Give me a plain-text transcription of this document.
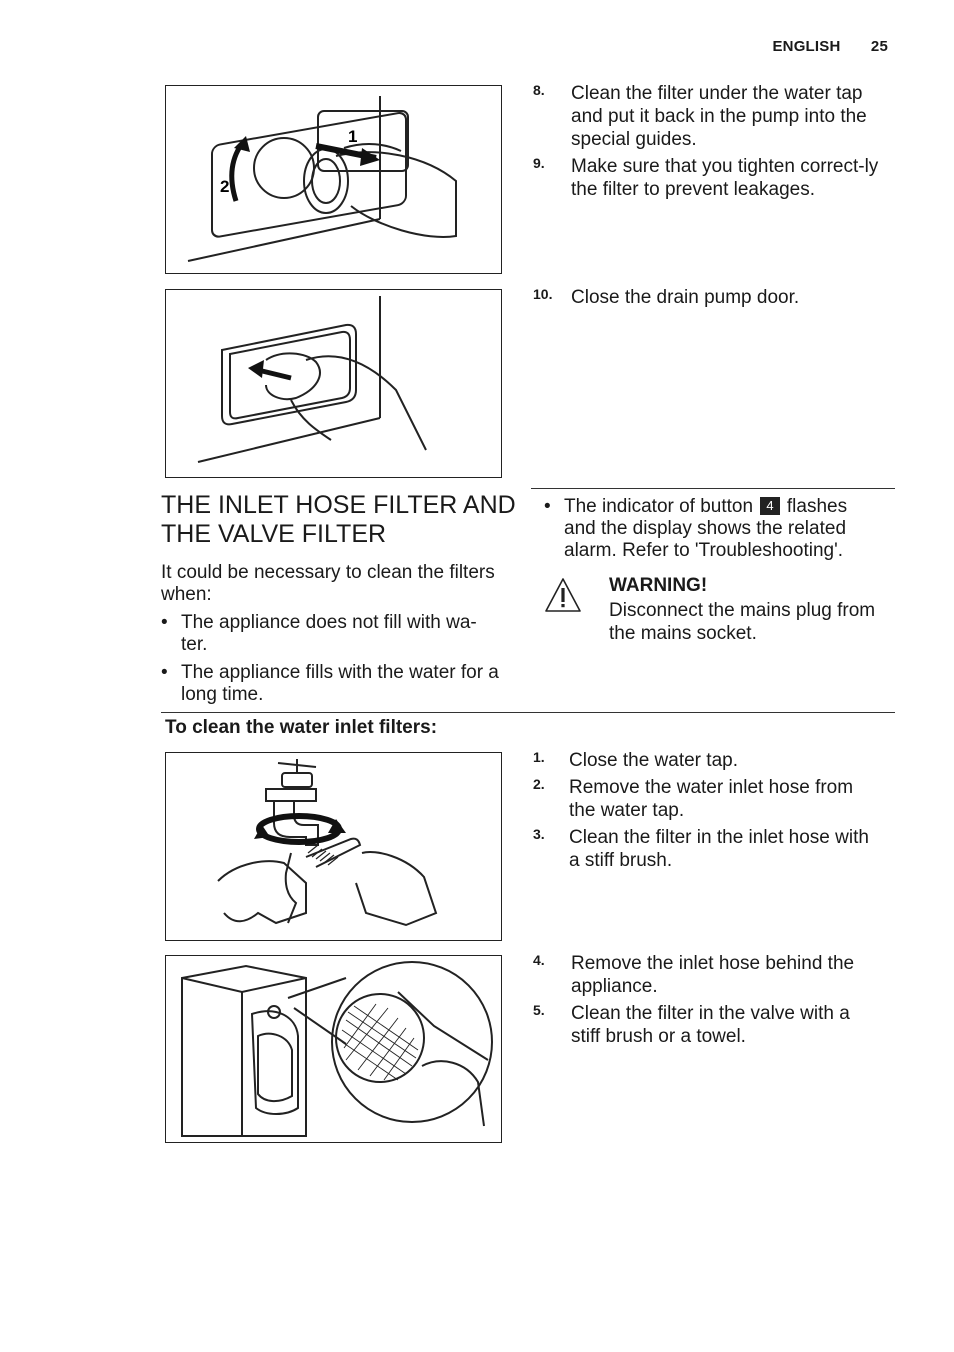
ENGLISH 25
1
2
8. Clean the filter under the water tap and put it back in the pump into the special guides.
9. Make sure that you tighten correct-ly the filter to prevent leakages.
10. Close the drain pump door.
THE INLET HOSE FILTER AND THE VALVE FILTER
It could be necessary to clean the filters when:
• The appliance does not fill with wa-ter.
• The appliance fills with the water for a long time.
• The indicator of button 4 flashes and the display shows the related alarm. Refer to 'Troubleshooting'.
WARNING!
Disconnect the mains plug from the mains socket.
To clean the water inlet filters:
1. Close the water tap.
2. Remove the water inlet hose from the water tap.
3. Clean the filter in the inlet hose with a stiff brush.
4. Remove the inlet hose behind the appliance.
5. Clean the filter in the valve with a stiff brush or a towel.
